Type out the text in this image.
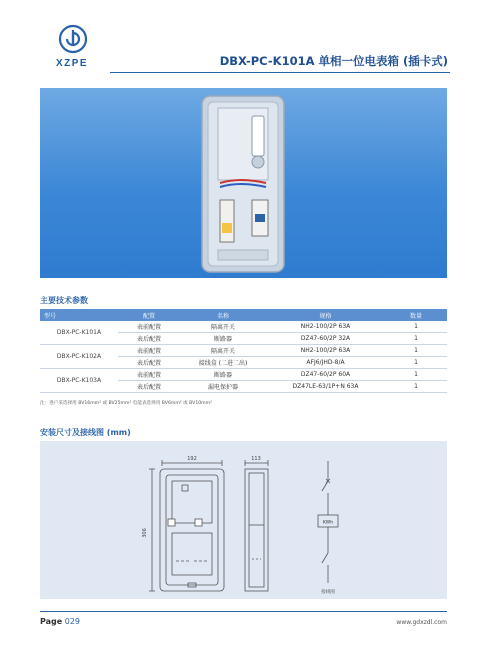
XZPE	DBX-PC-K101A 单相一位电表箱 (插卡式)
主要技术参数
型号	配置	名称	规格	数量
DBX-PC-K101A	表前配置	隔离开关	NH2-100/2P 63A	1
	表后配置	断路器	DZ47-60/2P 32A	1
DBX-PC-K102A	表前配置	隔离开关	NH2-100/2P 63A	1
	表后配置	接线盒 (二进二出)	AFJ6/JHD-8/A	1
DBX-PC-K103A	表前配置	断路器	DZ47-60/2P 60A	1
	表后配置	漏电保护器	DZ47LE-63/1P+N 63A	1
注：进户采选择用 BV16mm² 或 BV25mm² 电能表选择用 BV6mm² 或 BV10mm²
安装尺寸及接线图 (mm)
192
306
113
KWh
接线图
Page 029	www.gdxzdl.com
